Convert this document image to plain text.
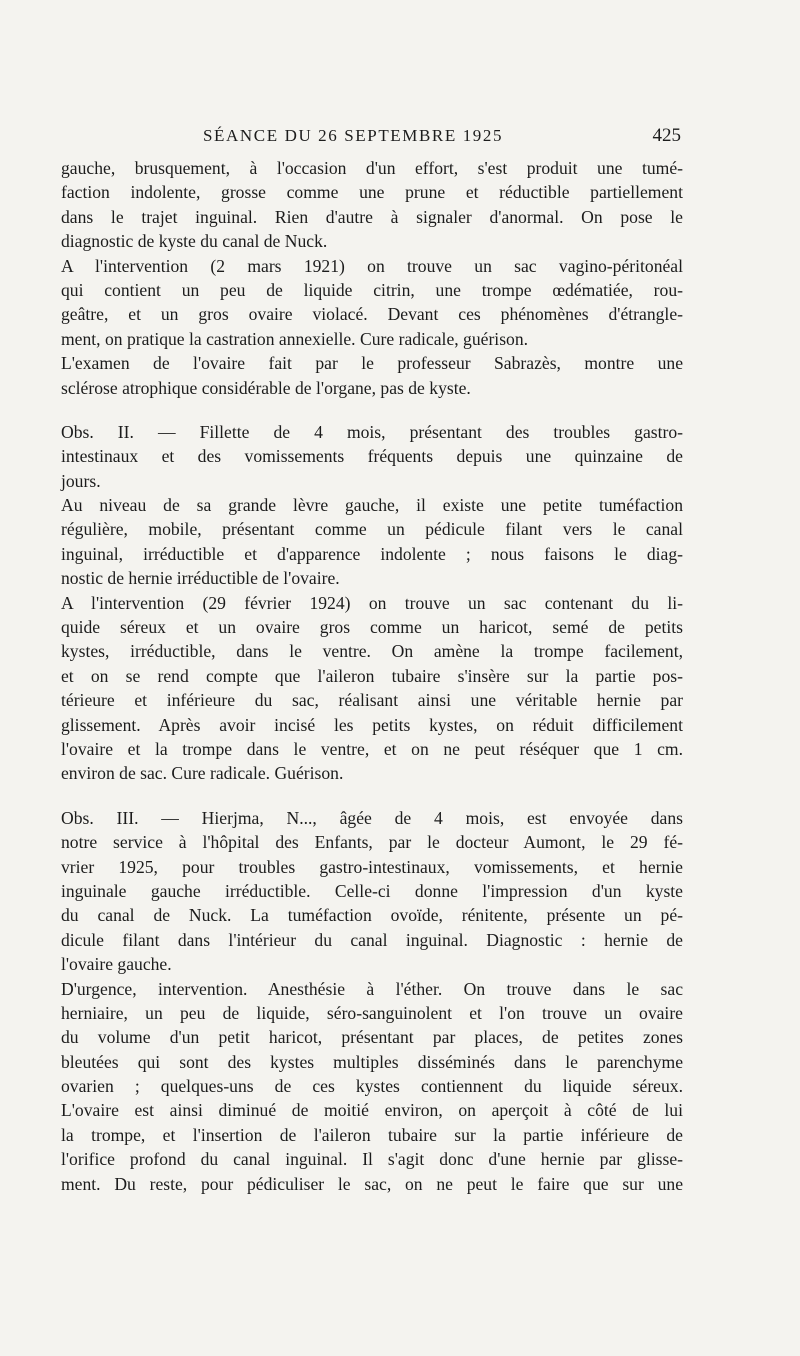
SÉANCE DU 26 SEPTEMBRE 1925	425
gauche, brusquement, à l'occasion d'un effort, s'est produit une tumé-
faction indolente, grosse comme une prune et réductible partiellement
dans le trajet inguinal. Rien d'autre à signaler d'anormal. On pose le
diagnostic de kyste du canal de Nuck.
A l'intervention (2 mars 1921) on trouve un sac vagino-péritonéal
qui contient un peu de liquide citrin, une trompe œdématiée, rou-
geâtre, et un gros ovaire violacé. Devant ces phénomènes d'étrangle-
ment, on pratique la castration annexielle. Cure radicale, guérison.
L'examen de l'ovaire fait par le professeur Sabrazès, montre une
sclérose atrophique considérable de l'organe, pas de kyste.
Obs. II. — Fillette de 4 mois, présentant des troubles gastro-
intestinaux et des vomissements fréquents depuis une quinzaine de
jours.
Au niveau de sa grande lèvre gauche, il existe une petite tuméfaction
régulière, mobile, présentant comme un pédicule filant vers le canal
inguinal, irréductible et d'apparence indolente ; nous faisons le diag-
nostic de hernie irréductible de l'ovaire.
A l'intervention (29 février 1924) on trouve un sac contenant du li-
quide séreux et un ovaire gros comme un haricot, semé de petits
kystes, irréductible, dans le ventre. On amène la trompe facilement,
et on se rend compte que l'aileron tubaire s'insère sur la partie pos-
térieure et inférieure du sac, réalisant ainsi une véritable hernie par
glissement. Après avoir incisé les petits kystes, on réduit difficilement
l'ovaire et la trompe dans le ventre, et on ne peut réséquer que 1 cm.
environ de sac. Cure radicale. Guérison.
Obs. III. — Hierjma, N..., âgée de 4 mois, est envoyée dans
notre service à l'hôpital des Enfants, par le docteur Aumont, le 29 fé-
vrier 1925, pour troubles gastro-intestinaux, vomissements, et hernie
inguinale gauche irréductible. Celle-ci donne l'impression d'un kyste
du canal de Nuck. La tuméfaction ovoïde, rénitente, présente un pé-
dicule filant dans l'intérieur du canal inguinal. Diagnostic : hernie de
l'ovaire gauche.
D'urgence, intervention. Anesthésie à l'éther. On trouve dans le sac
herniaire, un peu de liquide, séro-sanguinolent et l'on trouve un ovaire
du volume d'un petit haricot, présentant par places, de petites zones
bleutées qui sont des kystes multiples disséminés dans le parenchyme
ovarien ; quelques-uns de ces kystes contiennent du liquide séreux.
L'ovaire est ainsi diminué de moitié environ, on aperçoit à côté de lui
la trompe, et l'insertion de l'aileron tubaire sur la partie inférieure de
l'orifice profond du canal inguinal. Il s'agit donc d'une hernie par glisse-
ment. Du reste, pour pédiculiser le sac, on ne peut le faire que sur une
